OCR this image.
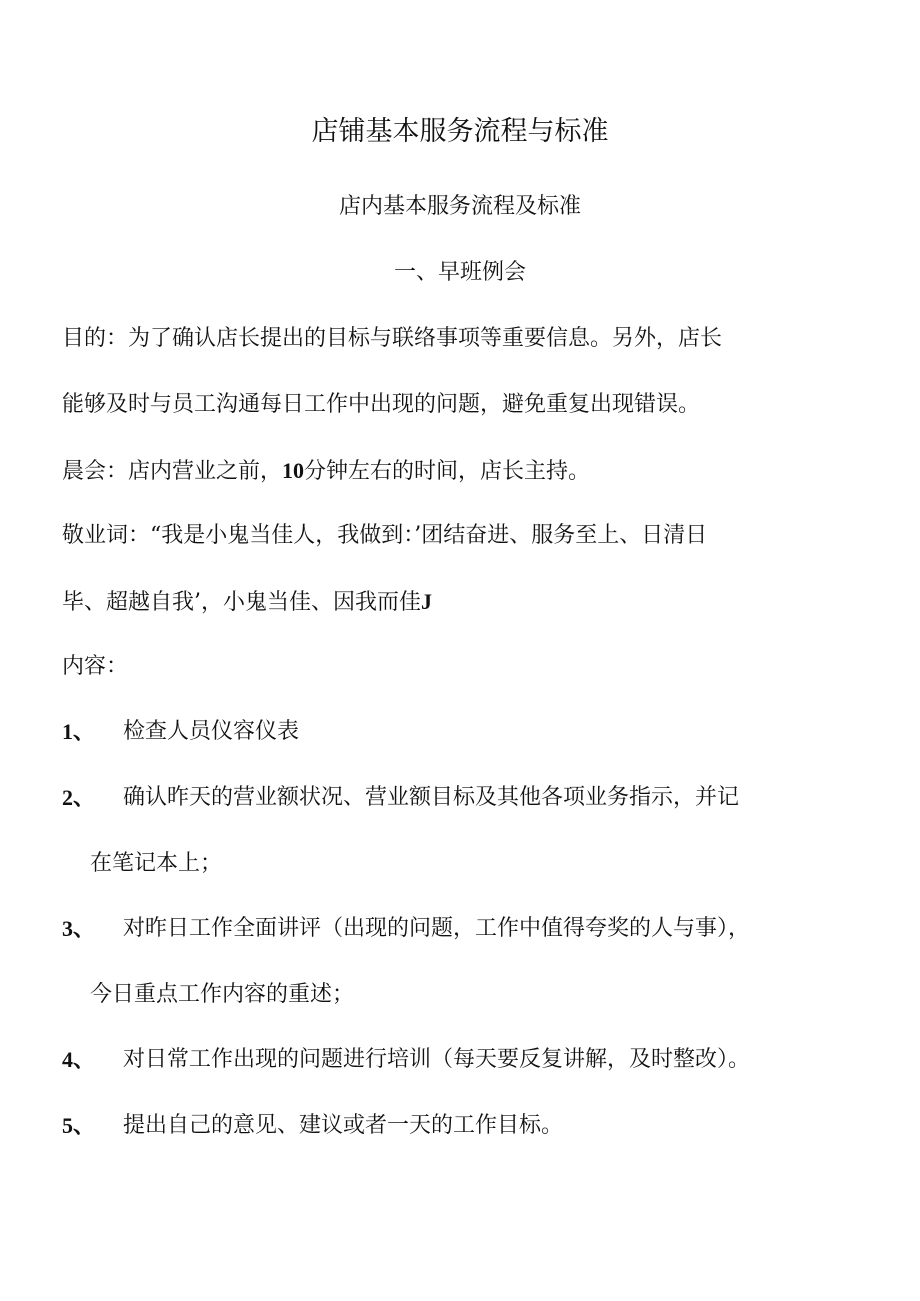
店铺基本服务流程与标准
店内基本服务流程及标准
一、早班例会
目的：为了确认店长提出的目标与联络事项等重要信息。另外，店长
能够及时与员工沟通每日工作中出现的问题，避免重复出现错误。
晨会：店内营业之前，10分钟左右的时间，店长主持。
敬业词：“我是小鬼当佳人，我做到：’团结奋进、服务至上、日清日
毕、超越自我’，小鬼当佳、因我而佳J
内容：
1、 检查人员仪容仪表
2、 确认昨天的营业额状况、营业额目标及其他各项业务指示，并记
在笔记本上；
3、 对昨日工作全面讲评（出现的问题，工作中值得夸奖的人与事），
今日重点工作内容的重述；
4、 对日常工作出现的问题进行培训（每天要反复讲解，及时整改）。
5、 提出自己的意见、建议或者一天的工作目标。
